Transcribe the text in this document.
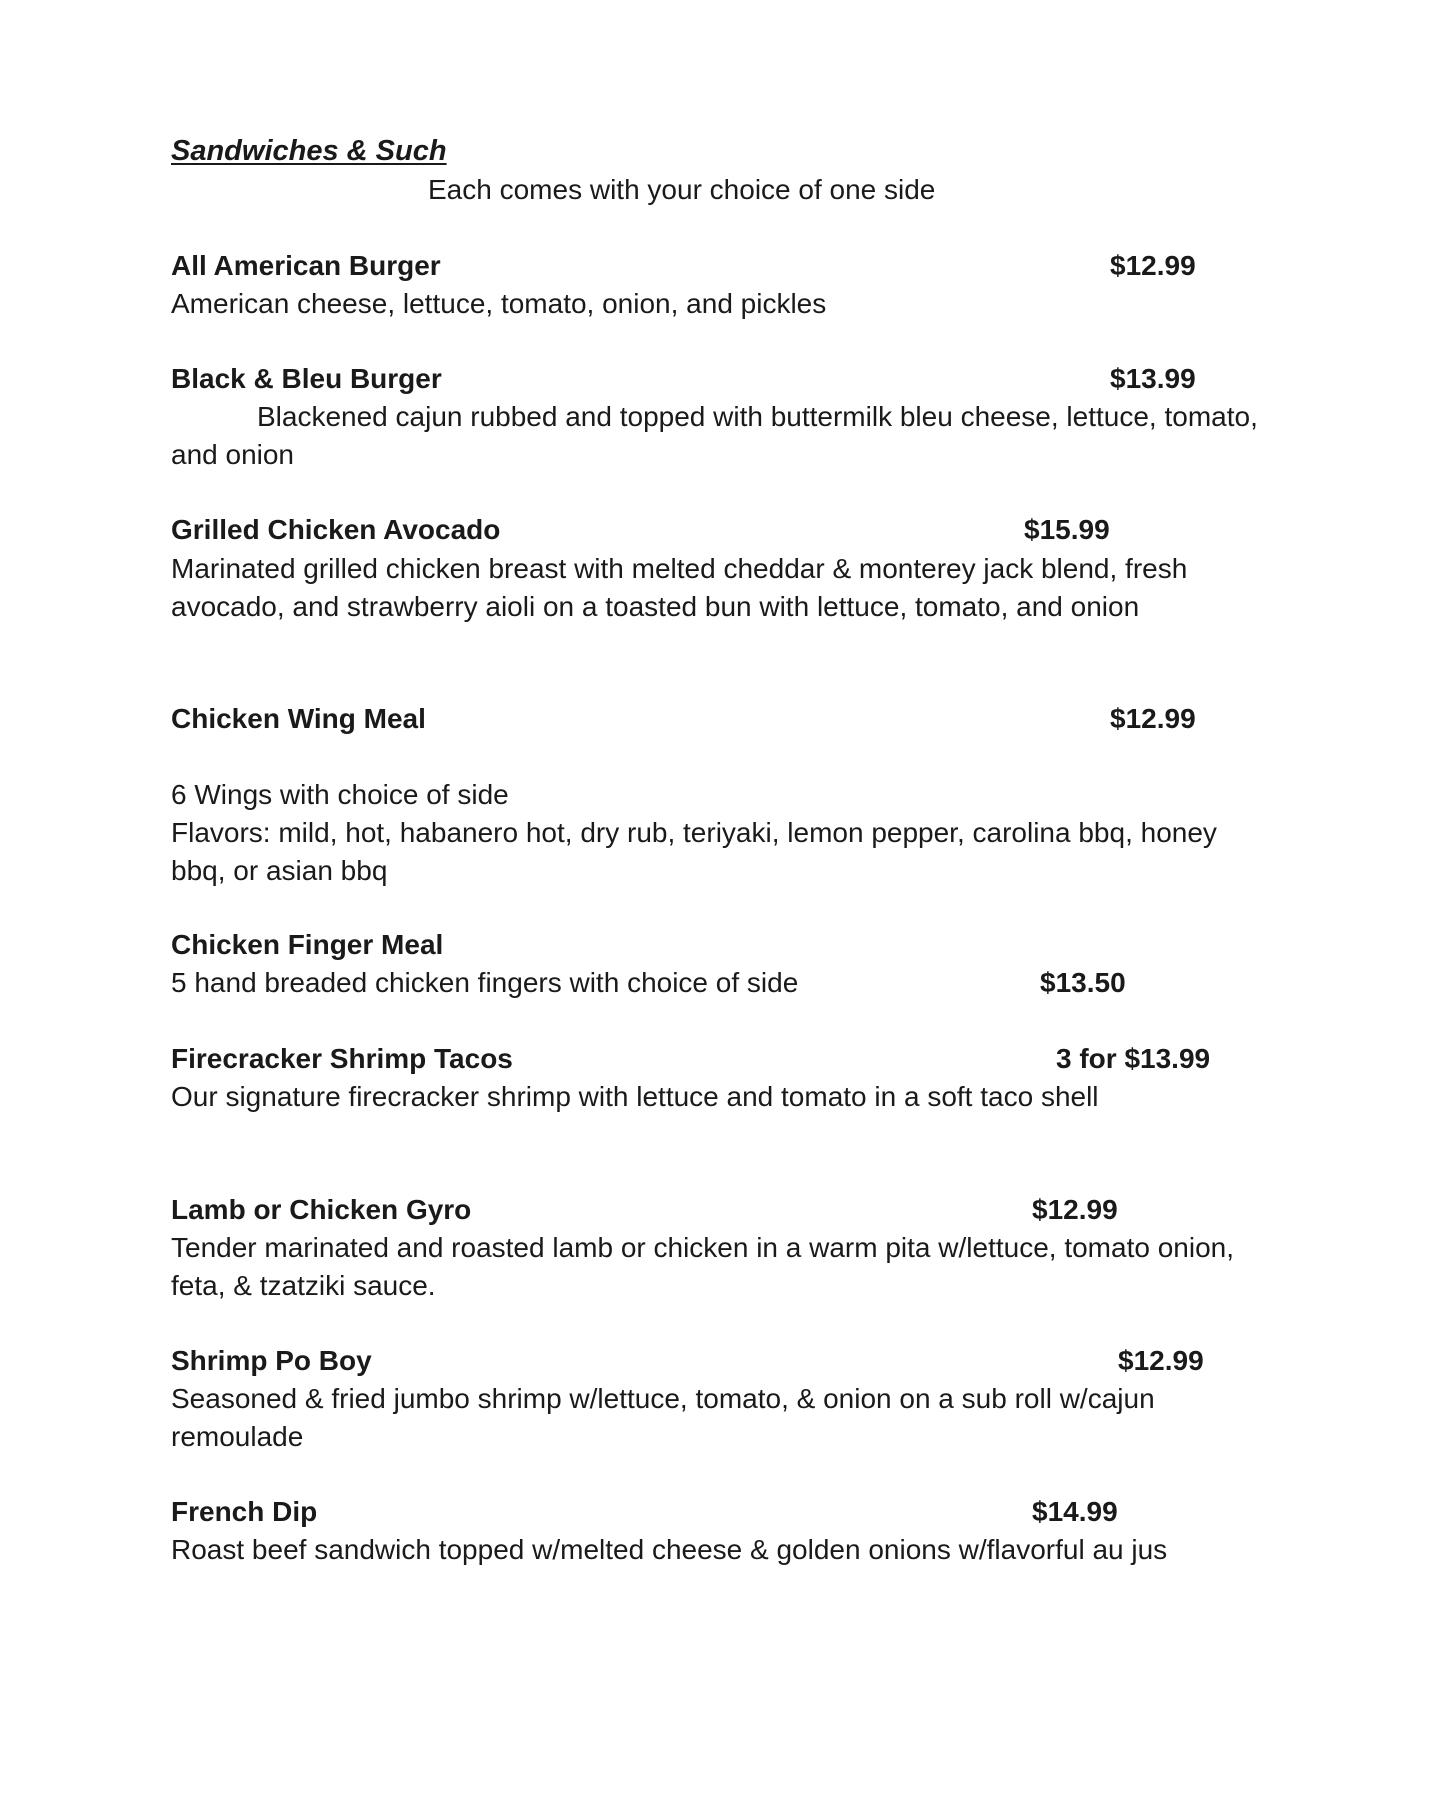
Sandwiches & Such
Each comes with your choice of one side
All American Burger	$12.99
American cheese, lettuce, tomato, onion, and pickles
Black & Bleu Burger	$13.99
Blackened cajun rubbed and topped with buttermilk bleu cheese, lettuce, tomato,
and onion
Grilled Chicken Avocado	$15.99
Marinated grilled chicken breast with melted cheddar & monterey jack blend, fresh
avocado, and strawberry aioli on a toasted bun with lettuce, tomato, and onion
Chicken Wing Meal	$12.99
6 Wings with choice of side
Flavors: mild, hot, habanero hot, dry rub, teriyaki, lemon pepper, carolina bbq, honey
bbq, or asian bbq
Chicken Finger Meal
5 hand breaded chicken fingers with choice of side	$13.50
Firecracker Shrimp Tacos	3 for $13.99
Our signature firecracker shrimp with lettuce and tomato in a soft taco shell
Lamb or Chicken Gyro	$12.99
Tender marinated and roasted lamb or chicken in a warm pita w/lettuce, tomato onion,
feta, & tzatziki sauce.
Shrimp Po Boy	$12.99
Seasoned & fried jumbo shrimp w/lettuce, tomato, & onion on a sub roll w/cajun
remoulade
French Dip	$14.99
Roast beef sandwich topped w/melted cheese & golden onions w/flavorful au jus
